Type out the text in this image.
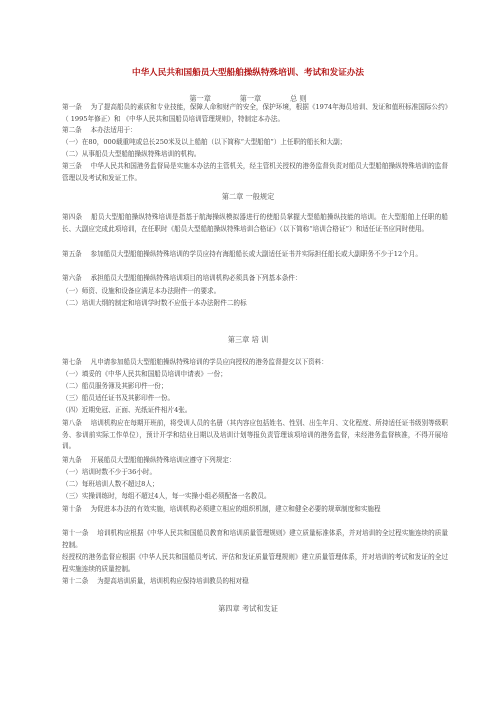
中华人民共和国船员大型船舶操纵特殊培训、考试和发证办法
第一章　　　　第一章　　　　总 则
第一条　 为了提高船员的素质和专业技能，保障人命和财产的安全，保护环境，根据《1974年海员培训、发证和值班标准国际公约》（ 1995年修正）和 《中华人民共和国船员培训管理规则》，特制定本办法。
第二条　 本办法适用于：
（一）在80，000载重吨或总长250米及以上船舶（以下简称“大型船舶”）上任职的船长和大副；
（二）从事船员大型船舶操纵特殊培训的机构。
第三条　 中华人民共和国港务监督局是实施本办法的主管机关，经主管机关授权的港务监督负责对船员大型船舶操纵特殊培训的监督管理以及考试和发证工作。
第二章 一般规定
第四条　 船员大型船舶操纵特殊培训是指基于航海操纵模拟器进行的使船员掌握大型船舶操纵技能的培训。在大型船舶上任职的船长、大副应完成此项培训，在任职时《船员大型船舶操纵特殊培训合格证》（以下简称“培训合格证”）和适任证书应同时使用。
第五条　 参加船员大型船舶操纵特殊培训的学员应持有海船船长或大副适任证书并实际担任船长或大副职务不少于12个月。
第六条　 承担船员大型船舶操纵特殊培训项目的培训机构必须具备下列基本条件：
（一）师资、设施和设备应满足本办法附件一的要求。
（二）培训大纲的制定和培训学时数不应低于本办法附件二的标
第三章 培 训
第七条　 凡申请参加船员大型船舶操纵特殊培训的学员应向授权的港务监督提交以下资料：
（一）填妥的《中华人民共和国船员培训申请表》一份；
（二）船员服务簿及其影印件一份；
（三）船员适任证书及其影印件一份。
（四）近期免冠、正面、光纸证件相片4张。
第八条　 培训机构应在每期开班前，将受训人员的名册（其内容应包括姓名、性别、出生年月、文化程度、所持适任证书级别等级职务、参训前实际工作单位），预计开学和结业日期以及培训计划等报负责管理该项培训的港务监督，未经港务监督核准，不得开展培训。
第九条　 开展船员大型船舶操纵特殊培训应遵守下列规定：
（一）培训时数不少于36小时。
（二）每班培训人数不超过8人；
（三）实操训练时，每组不超过4人，每一实操小组必须配备一名教员。
第十条　 为促进本办法的有效实施，培训机构必须建立相应的组织机制，建立和健全必要的规章制度和实施程
第十一条　 培训机构应根据《中华人民共和国船员教育和培训质量管理规则》建立质量标准体系，并对培训的全过程实施连续的质量控制。
经授权的港务监督应根据《中华人民共和国船员考试、评估和发证质量管理规则》建立质量管理体系，并对培训的考试和发证的全过程实施连续的质量控制。
第十二条　 为提高培训质量，培训机构应保持培训教员的相对稳
第四章 考试和发证
